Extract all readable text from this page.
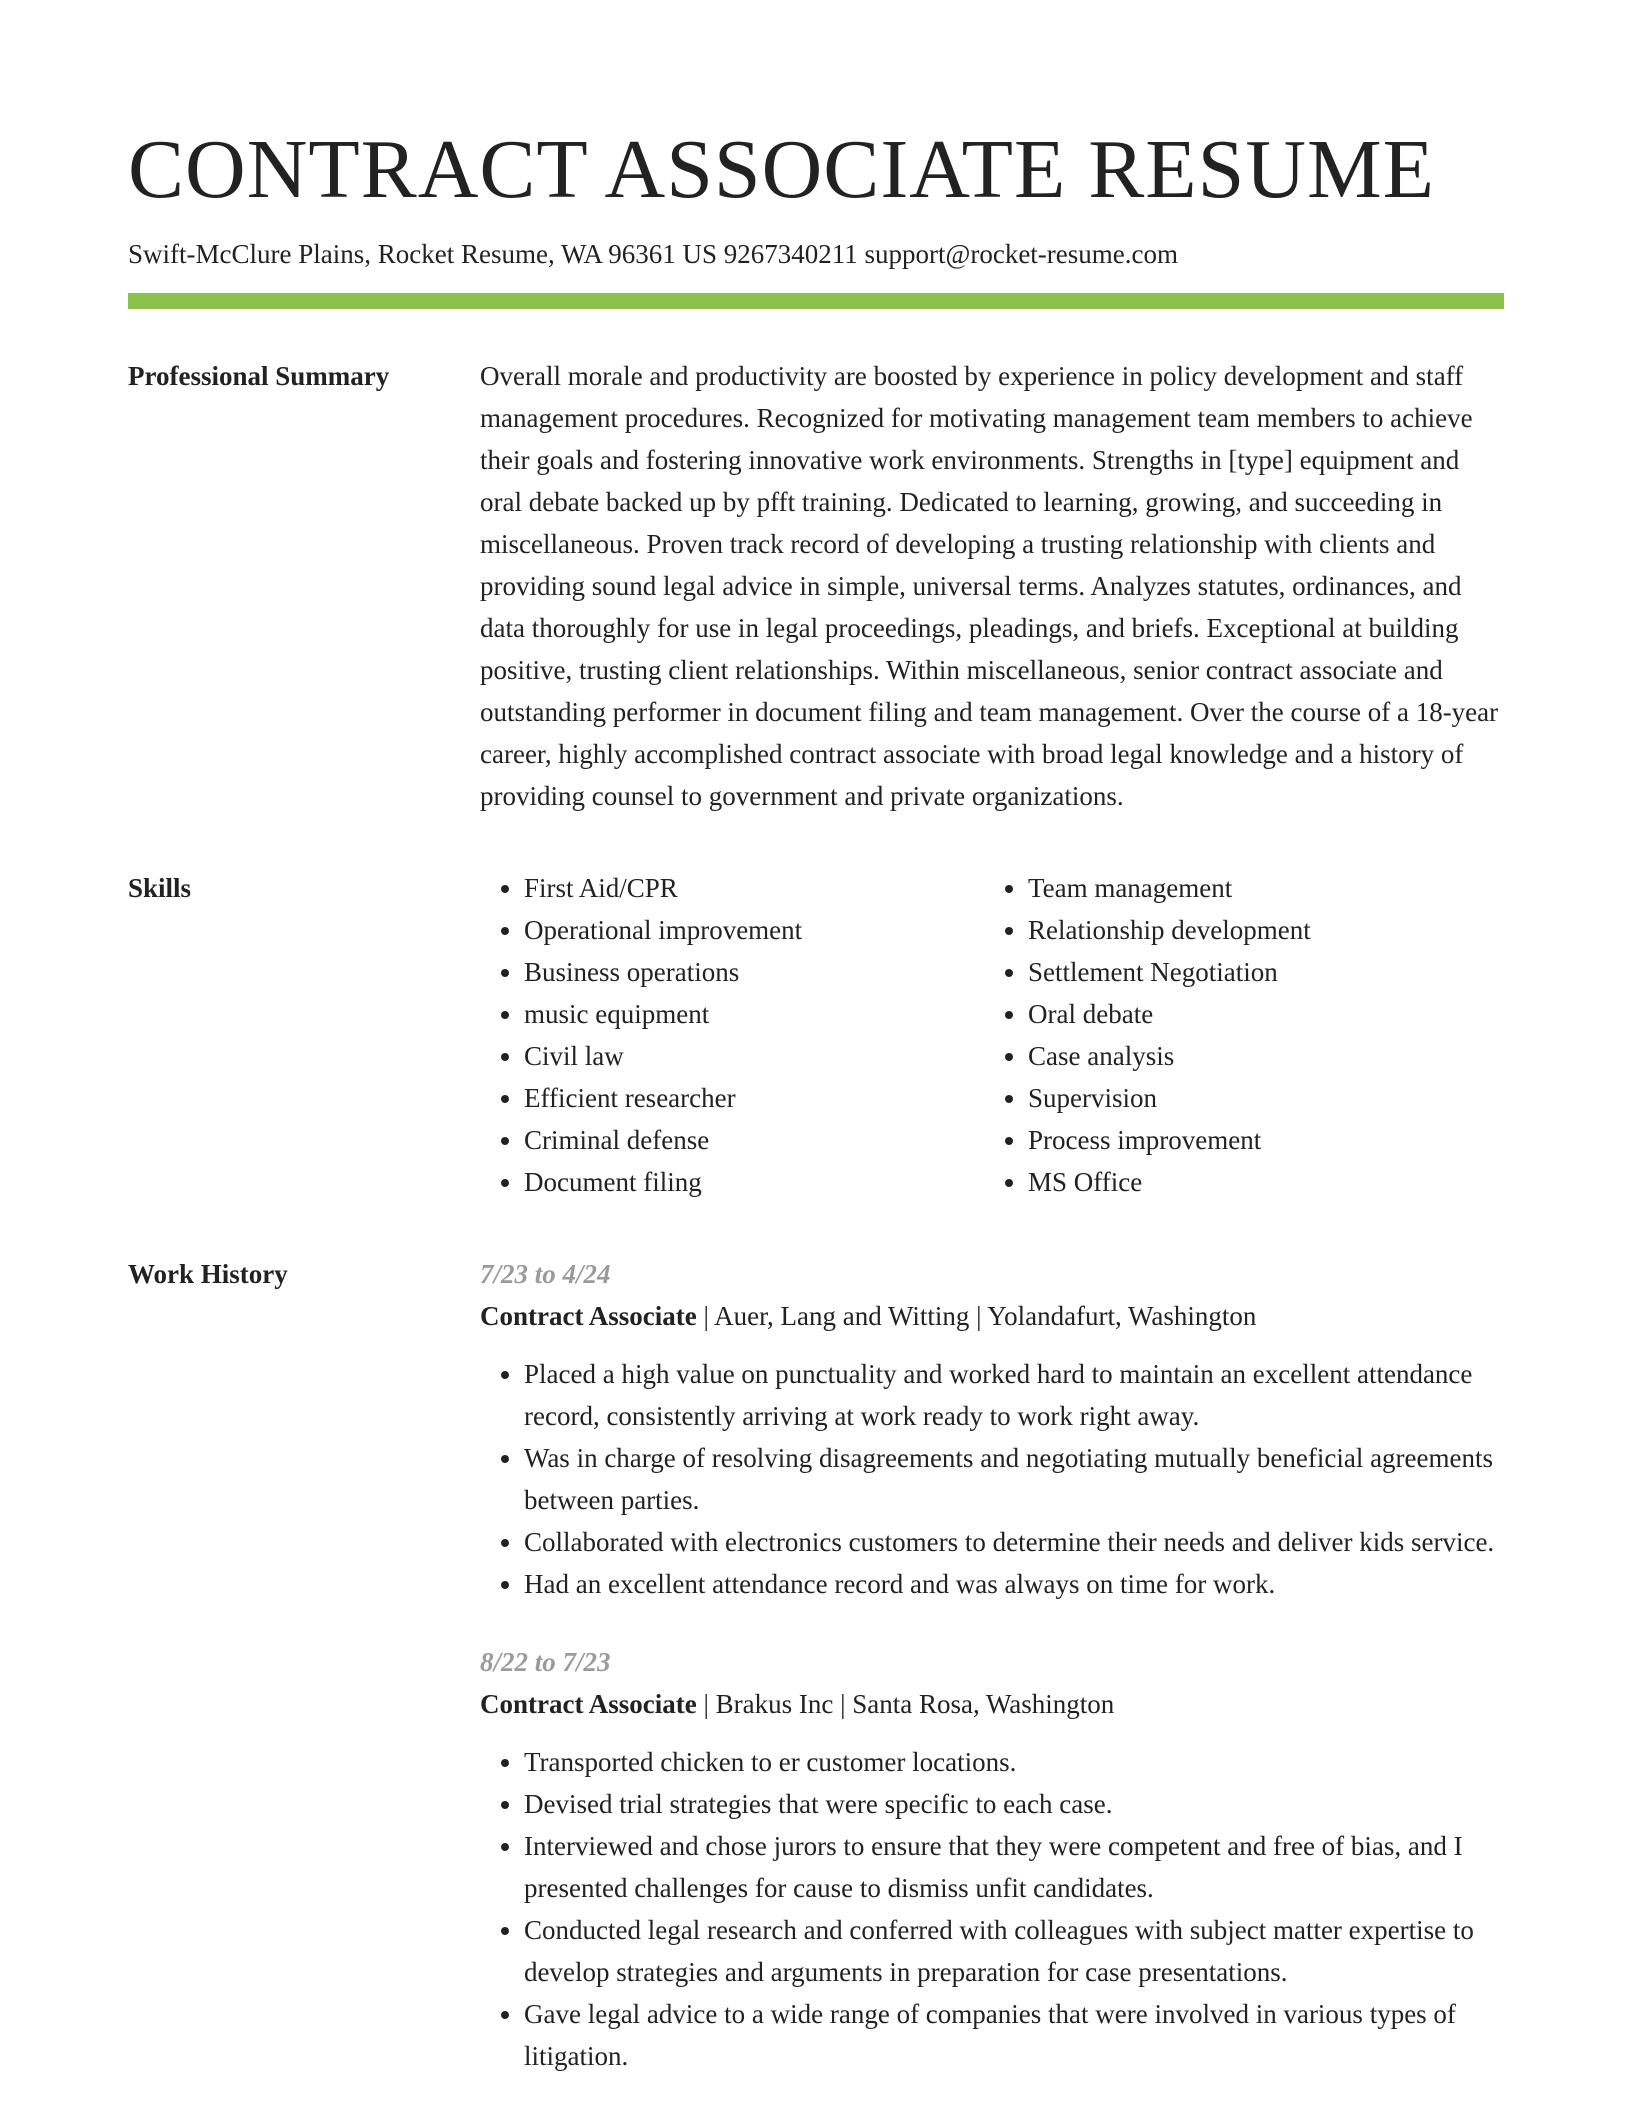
CONTRACT ASSOCIATE RESUME
Swift-McClure Plains, Rocket Resume, WA 96361 US 9267340211 support@rocket-resume.com
Professional Summary	Overall morale and productivity are boosted by experience in policy development and staff management procedures. Recognized for motivating management team members to achieve their goals and fostering innovative work environments. Strengths in [type] equipment and oral debate backed up by pfft training. Dedicated to learning, growing, and succeeding in miscellaneous. Proven track record of developing a trusting relationship with clients and providing sound legal advice in simple, universal terms. Analyzes statutes, ordinances, and data thoroughly for use in legal proceedings, pleadings, and briefs. Exceptional at building positive, trusting client relationships. Within miscellaneous, senior contract associate and outstanding performer in document filing and team management. Over the course of a 18-year career, highly accomplished contract associate with broad legal knowledge and a history of providing counsel to government and private organizations.

Skills
•	First Aid/CPR
• Operational improvement
• Business operations
• music equipment
• Civil law
• Efficient researcher
• Criminal defense
• Document filing
• Team management
• Relationship development
• Settlement Negotiation
• Oral debate
• Case analysis
• Supervision
• Process improvement
• MS Office
Work History	7/23 to 4/24
Contract Associate | Auer, Lang and Witting | Yolandafurt, Washington
• Placed a high value on punctuality and worked hard to maintain an excellent attendance record, consistently arriving at work ready to work right away.
• Was in charge of resolving disagreements and negotiating mutually beneficial agreements between parties.
• Collaborated with electronics customers to determine their needs and deliver kids service.
• Had an excellent attendance record and was always on time for work.
8/22 to 7/23
Contract Associate | Brakus Inc | Santa Rosa, Washington
• Transported chicken to er customer locations.
• Devised trial strategies that were specific to each case.
• Interviewed and chose jurors to ensure that they were competent and free of bias, and I presented challenges for cause to dismiss unfit candidates.
• Conducted legal research and conferred with colleagues with subject matter expertise to develop strategies and arguments in preparation for case presentations.
• Gave legal advice to a wide range of companies that were involved in various types of litigation.
